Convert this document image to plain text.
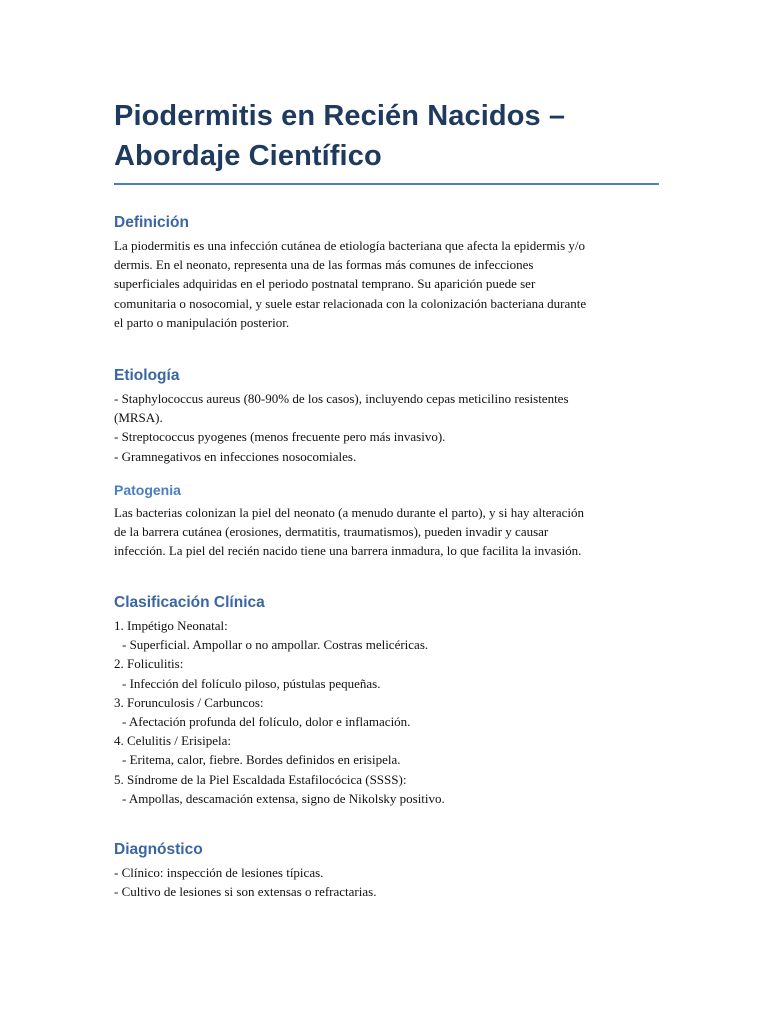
Piodermitis en Recién Nacidos –
Abordaje Científico
Definición

La piodermitis es una infección cutánea de etiología bacteriana que afecta la epidermis y/o
dermis. En el neonato, representa una de las formas más comunes de infecciones
superficiales adquiridas en el periodo postnatal temprano. Su aparición puede ser
comunitaria o nosocomial, y suele estar relacionada con la colonización bacteriana durante
el parto o manipulación posterior.

Etiología

- Staphylococcus aureus (80-90% de los casos), incluyendo cepas meticilino resistentes
(MRSA).
- Streptococcus pyogenes (menos frecuente pero más invasivo).
- Gramnegativos en infecciones nosocomiales.

Patogenia

Las bacterias colonizan la piel del neonato (a menudo durante el parto), y si hay alteración
de la barrera cutánea (erosiones, dermatitis, traumatismos), pueden invadir y causar
infección. La piel del recién nacido tiene una barrera inmadura, lo que facilita la invasión.

Clasificación Clínica

1. Impétigo Neonatal:
- Superficial. Ampollar o no ampollar. Costras melicéricas.
2. Foliculitis:
- Infección del folículo piloso, pústulas pequeñas.
3. Forunculosis / Carbuncos:
- Afectación profunda del folículo, dolor e inflamación.
4. Celulitis / Erisipela:
- Eritema, calor, fiebre. Bordes definidos en erisipela.
5. Síndrome de la Piel Escaldada Estafilocócica (SSSS):
- Ampollas, descamación extensa, signo de Nikolsky positivo.

Diagnóstico

- Clínico: inspección de lesiones típicas.
- Cultivo de lesiones si son extensas o refractarias.
